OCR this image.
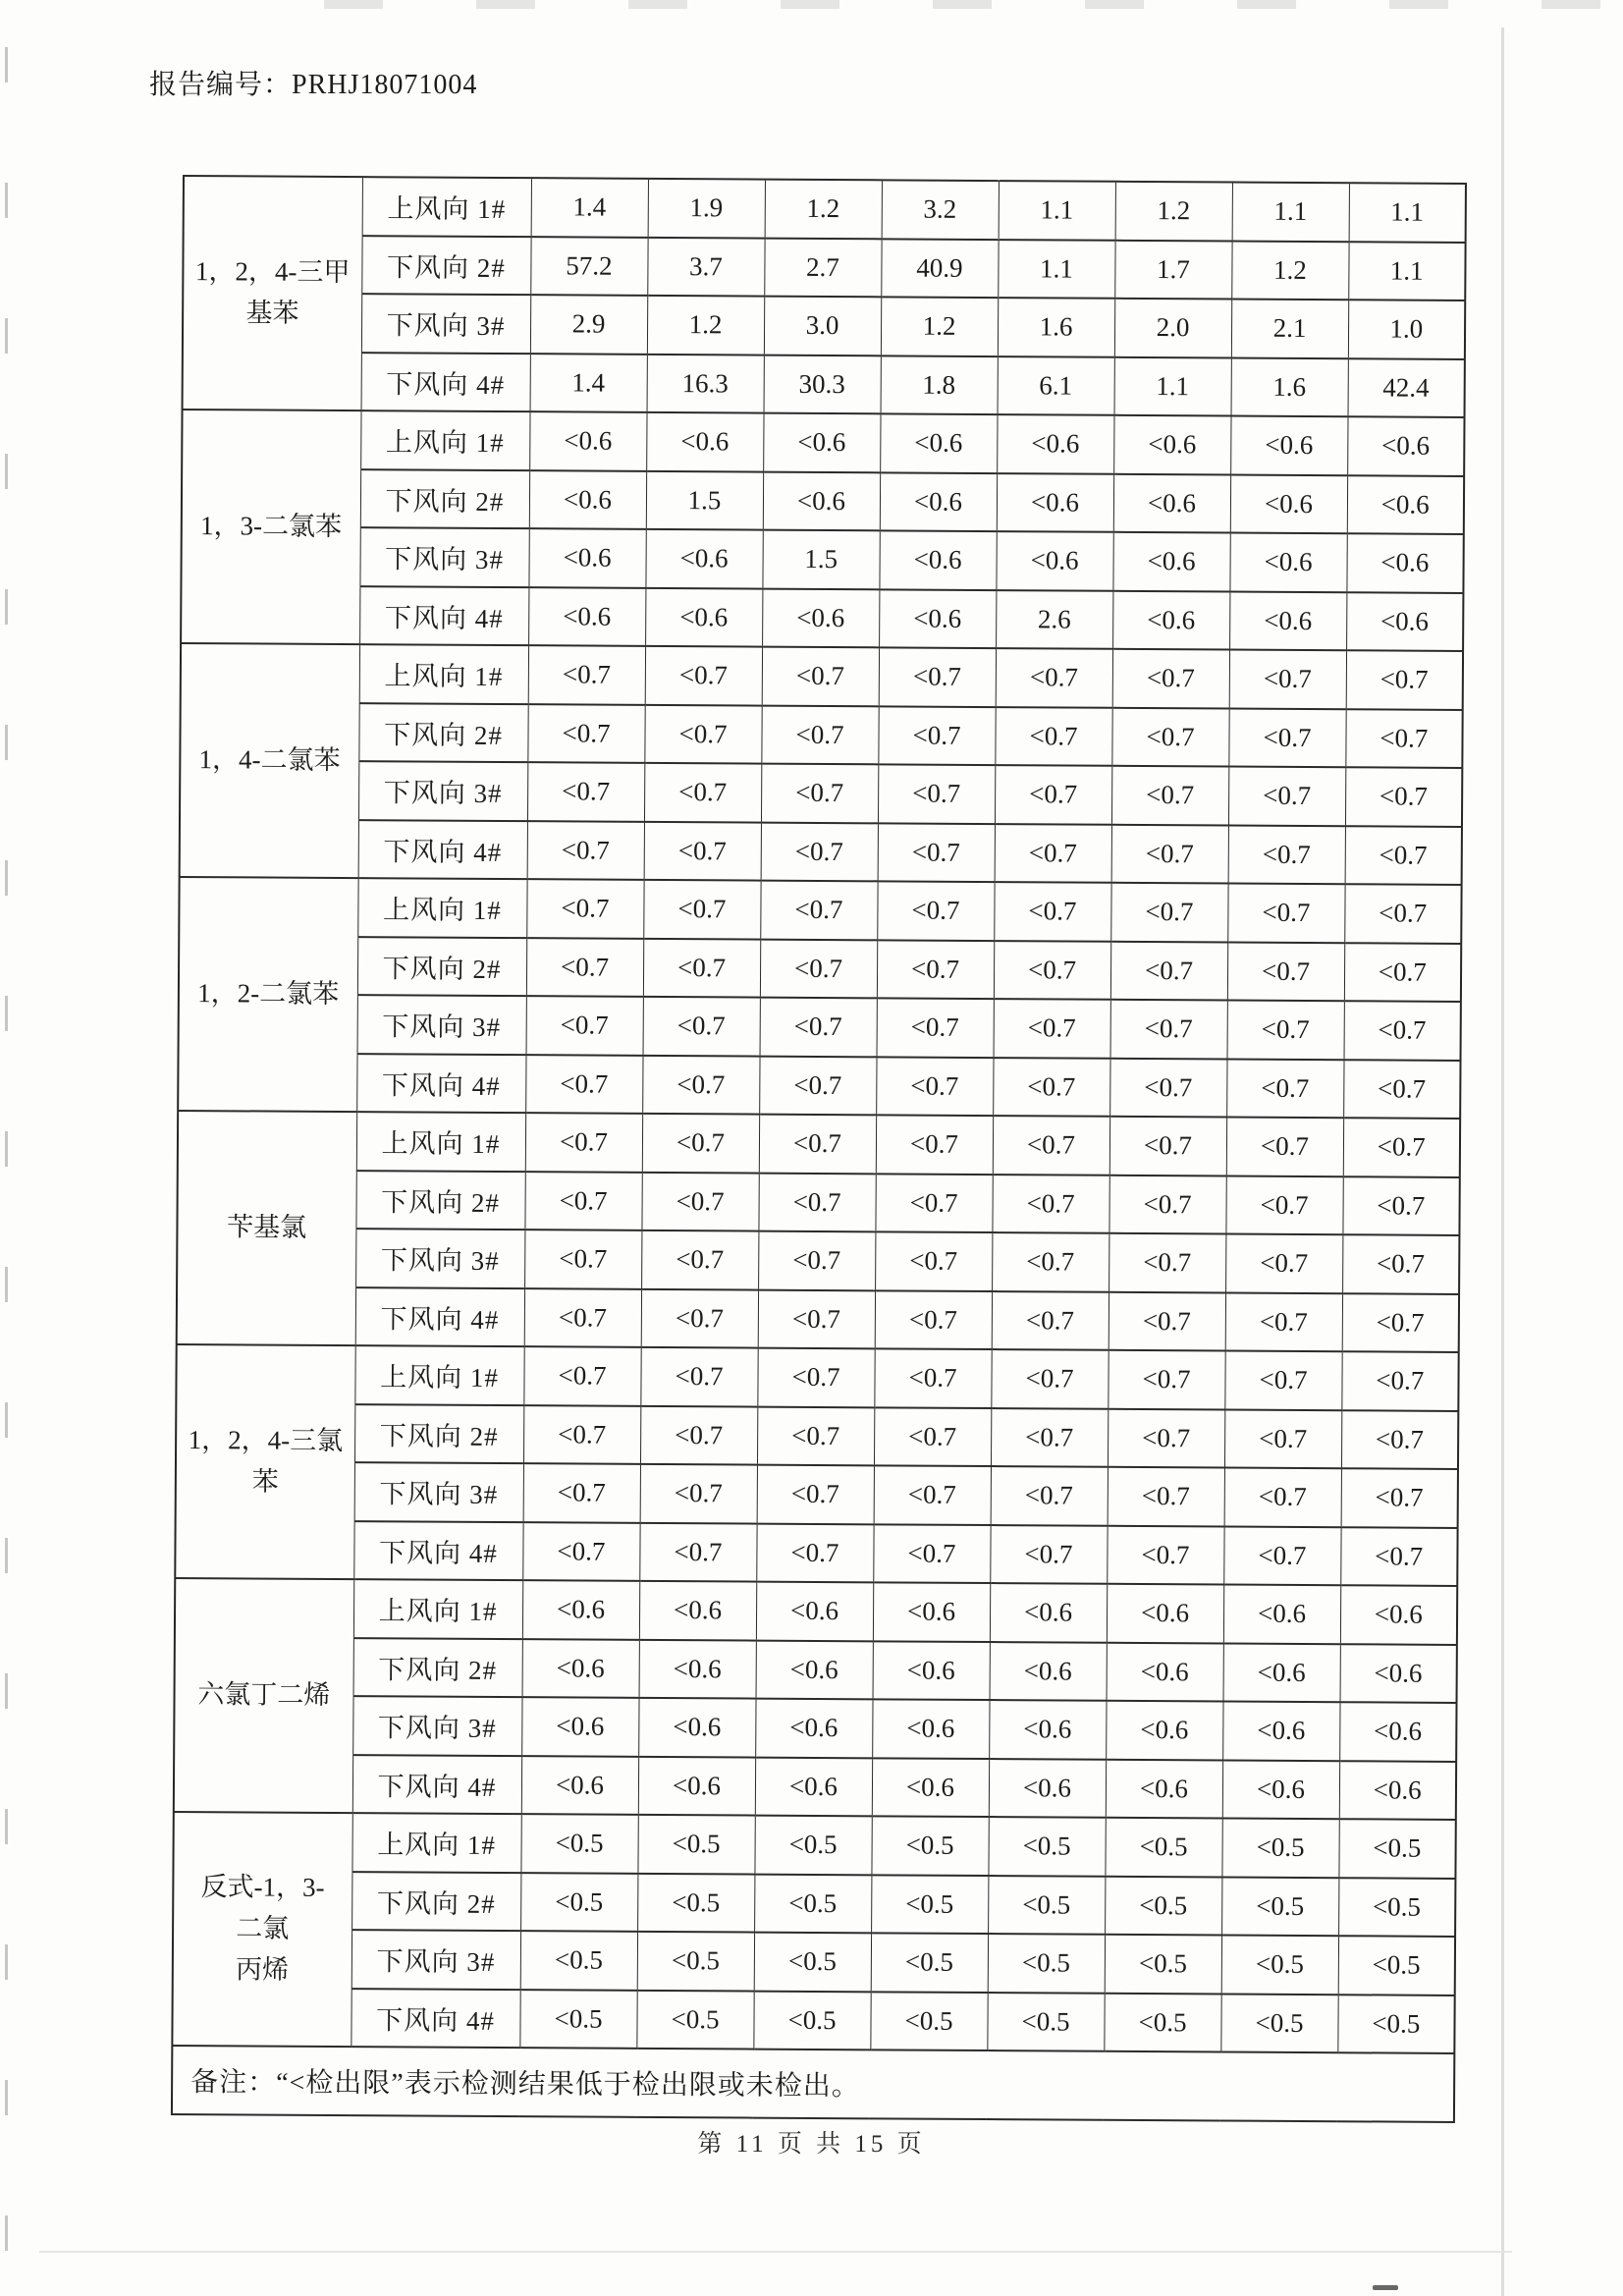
报告编号：PRHJ18071004
1，2，4-三甲
基苯	上风向 1#	1.4	1.9	1.2	3.2	1.1	1.2	1.1	1.1
	下风向 2#	57.2	3.7	2.7	40.9	1.1	1.7	1.2	1.1
	下风向 3#	2.9	1.2	3.0	1.2	1.6	2.0	2.1	1.0
	下风向 4#	1.4	16.3	30.3	1.8	6.1	1.1	1.6	42.4

1，3-二氯苯	上风向 1#	<0.6	<0.6	<0.6	<0.6	<0.6	<0.6	<0.6	<0.6
	下风向 2#	<0.6	1.5	<0.6	<0.6	<0.6	<0.6	<0.6	<0.6
	下风向 3#	<0.6	<0.6	1.5	<0.6	<0.6	<0.6	<0.6	<0.6
	下风向 4#	<0.6	<0.6	<0.6	<0.6	2.6	<0.6	<0.6	<0.6

1，4-二氯苯	上风向 1#	<0.7	<0.7	<0.7	<0.7	<0.7	<0.7	<0.7	<0.7
	下风向 2#	<0.7	<0.7	<0.7	<0.7	<0.7	<0.7	<0.7	<0.7
	下风向 3#	<0.7	<0.7	<0.7	<0.7	<0.7	<0.7	<0.7	<0.7
	下风向 4#	<0.7	<0.7	<0.7	<0.7	<0.7	<0.7	<0.7	<0.7

1，2-二氯苯	上风向 1#	<0.7	<0.7	<0.7	<0.7	<0.7	<0.7	<0.7	<0.7
	下风向 2#	<0.7	<0.7	<0.7	<0.7	<0.7	<0.7	<0.7	<0.7
	下风向 3#	<0.7	<0.7	<0.7	<0.7	<0.7	<0.7	<0.7	<0.7
	下风向 4#	<0.7	<0.7	<0.7	<0.7	<0.7	<0.7	<0.7	<0.7

苄基氯	上风向 1#	<0.7	<0.7	<0.7	<0.7	<0.7	<0.7	<0.7	<0.7
	下风向 2#	<0.7	<0.7	<0.7	<0.7	<0.7	<0.7	<0.7	<0.7
	下风向 3#	<0.7	<0.7	<0.7	<0.7	<0.7	<0.7	<0.7	<0.7
	下风向 4#	<0.7	<0.7	<0.7	<0.7	<0.7	<0.7	<0.7	<0.7

1，2，4-三氯
苯	上风向 1#	<0.7	<0.7	<0.7	<0.7	<0.7	<0.7	<0.7	<0.7
	下风向 2#	<0.7	<0.7	<0.7	<0.7	<0.7	<0.7	<0.7	<0.7
	下风向 3#	<0.7	<0.7	<0.7	<0.7	<0.7	<0.7	<0.7	<0.7
	下风向 4#	<0.7	<0.7	<0.7	<0.7	<0.7	<0.7	<0.7	<0.7

六氯丁二烯	上风向 1#	<0.6	<0.6	<0.6	<0.6	<0.6	<0.6	<0.6	<0.6
	下风向 2#	<0.6	<0.6	<0.6	<0.6	<0.6	<0.6	<0.6	<0.6
	下风向 3#	<0.6	<0.6	<0.6	<0.6	<0.6	<0.6	<0.6	<0.6
	下风向 4#	<0.6	<0.6	<0.6	<0.6	<0.6	<0.6	<0.6	<0.6

反式-1，3-
二氯
丙烯	上风向 1#	<0.5	<0.5	<0.5	<0.5	<0.5	<0.5	<0.5	<0.5
	下风向 2#	<0.5	<0.5	<0.5	<0.5	<0.5	<0.5	<0.5	<0.5
	下风向 3#	<0.5	<0.5	<0.5	<0.5	<0.5	<0.5	<0.5	<0.5
	下风向 4#	<0.5	<0.5	<0.5	<0.5	<0.5	<0.5	<0.5	<0.5
备注：“<检出限”表示检测结果低于检出限或未检出。									
第 11 页 共 15 页
